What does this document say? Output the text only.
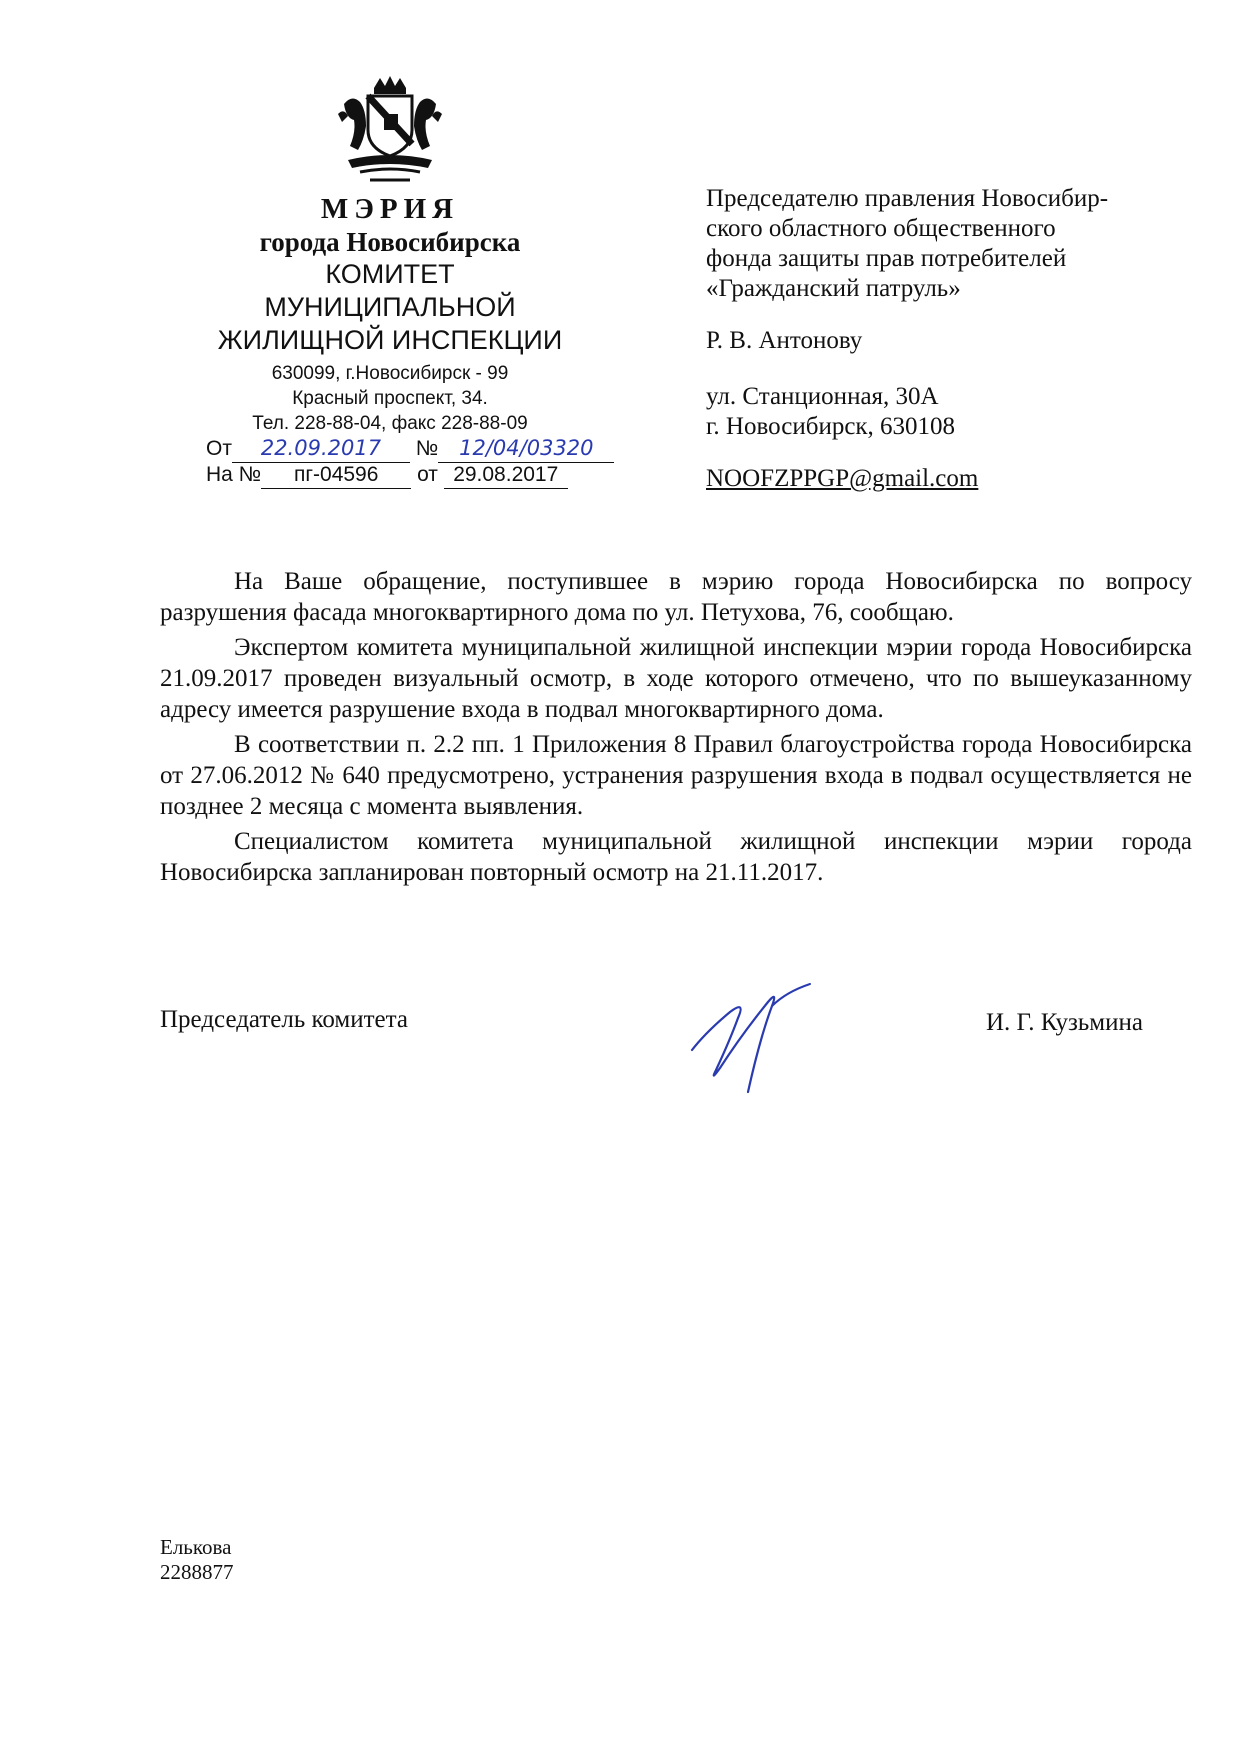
МЭРИЯ
города Новосибирска
КОМИТЕТ
МУНИЦИПАЛЬНОЙ
ЖИЛИЩНОЙ ИНСПЕКЦИИ
630099, г.Новосибирск - 99
Красный проспект, 34.
Тел. 228-88-04, факс 228-88-09
От 22.09.2017 № 12/04/03320
На № пг-04596 от 29.08.2017

Председателю правления Новосибир-

ского областного общественного

фонда защиты прав потребителей

«Гражданский патруль»

Р. В. Антонову

ул. Станционная, 30А

г. Новосибирск, 630108

NOOFZPPGP@gmail.com

На Ваше обращение, поступившее в мэрию города Новосибирска по вопросу разрушения фасада многоквартирного дома по ул. Петухова, 76, сообщаю.

Экспертом комитета муниципальной жилищной инспекции мэрии города Новосибирска 21.09.2017 проведен визуальный осмотр, в ходе которого отмечено, что по вышеуказанному адресу имеется разрушение входа в подвал многоквартирного дома.

В соответствии п. 2.2 пп. 1 Приложения 8 Правил благоустройства города Новосибирска от 27.06.2012 № 640 предусмотрено, устранения разрушения входа в подвал осуществляется не позднее 2 месяца с момента выявления.

Специалистом комитета муниципальной жилищной инспекции мэрии города Новосибирска запланирован повторный осмотр на 21.11.2017.

Председатель комитета	И. Г. Кузьмина
Елькова
2288877
